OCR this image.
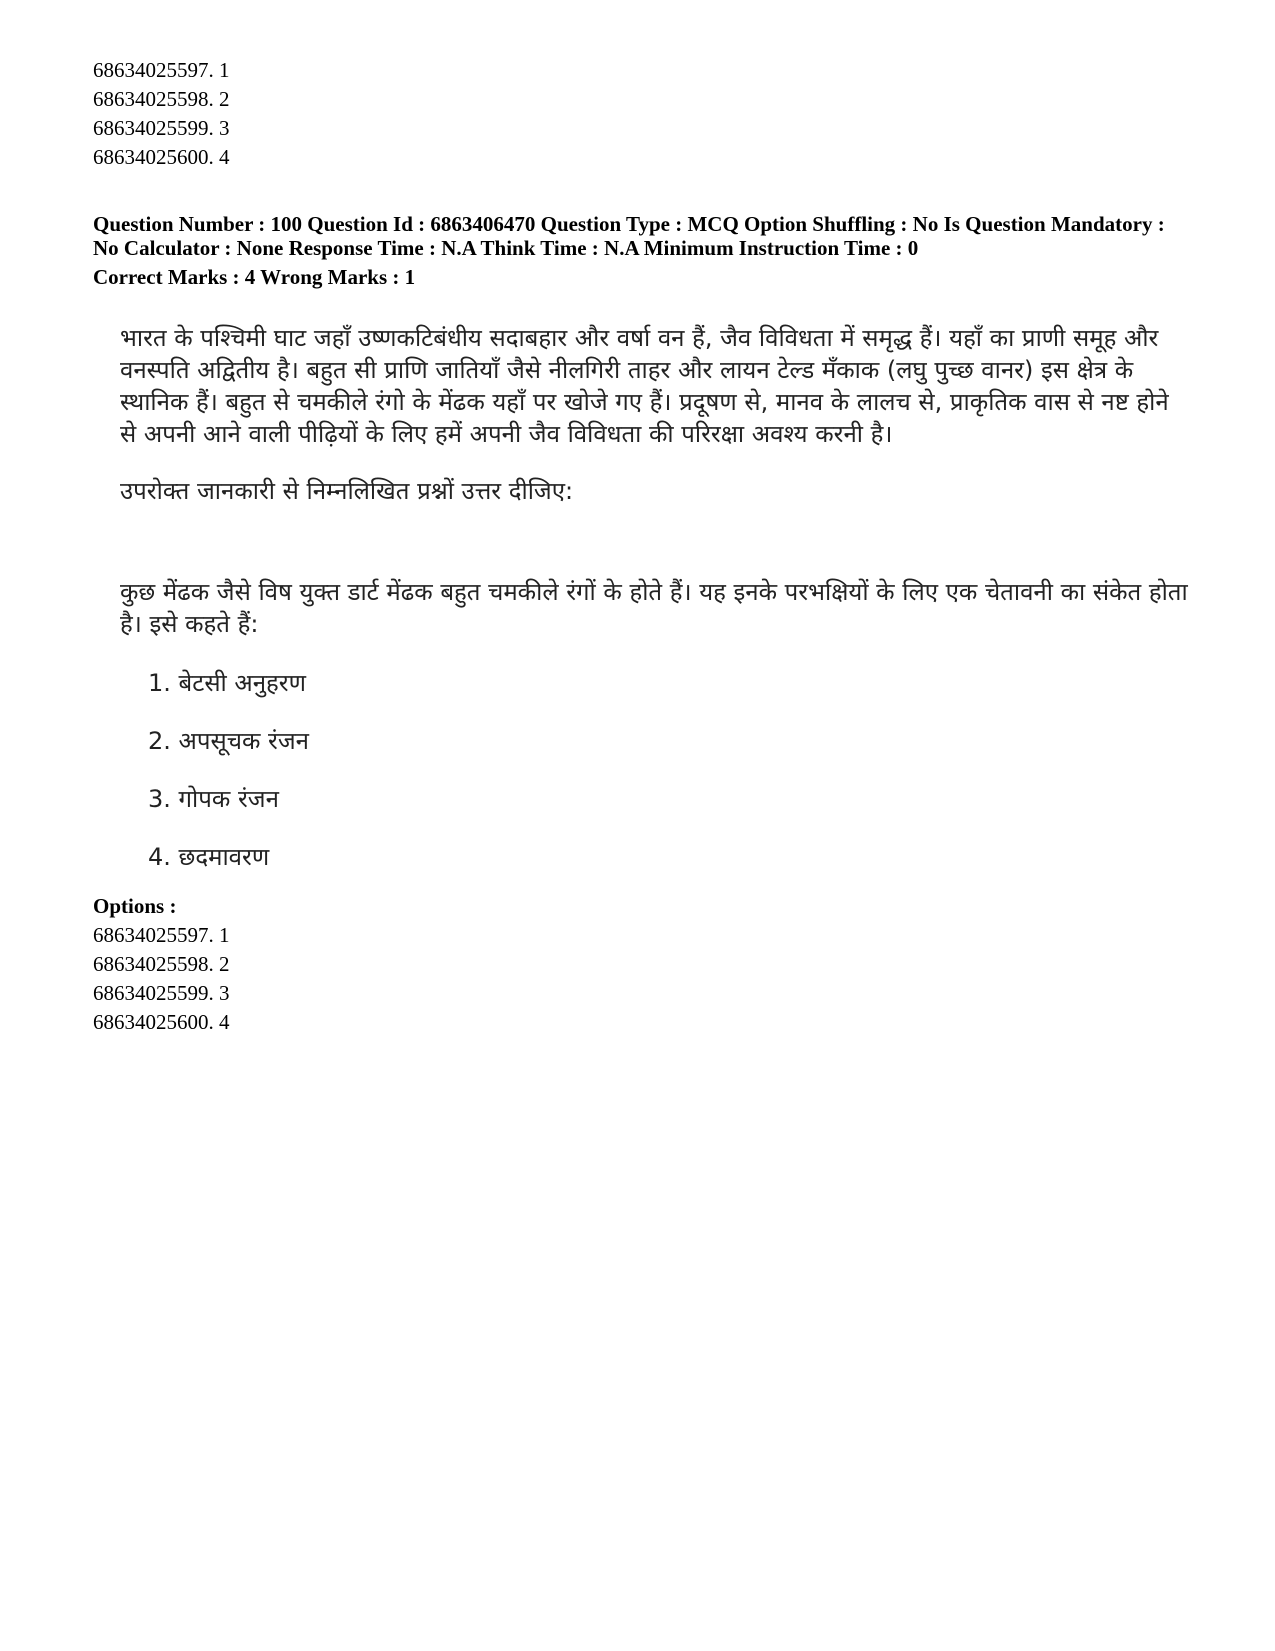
68634025597. 1
68634025598. 2
68634025599. 3
68634025600. 4
Question Number : 100 Question Id : 6863406470 Question Type : MCQ Option Shuffling : No Is Question Mandatory :
No Calculator : None Response Time : N.A Think Time : N.A Minimum Instruction Time : 0
Correct Marks : 4 Wrong Marks : 1
भारत के पश्चिमी घाट जहाँ उष्णकटिबंधीय सदाबहार और वर्षा वन हैं, जैव विविधता में समृद्ध हैं। यहाँ का प्राणी समूह और वनस्पति अद्वितीय है। बहुत सी प्राणि जातियाँ जैसे नीलगिरी ताहर और लायन टेल्ड मँकाक (लघु पुच्छ वानर) इस क्षेत्र के स्थानिक हैं। बहुत से चमकीले रंगो के मेंढक यहाँ पर खोजे गए हैं। प्रदूषण से, मानव के लालच से, प्राकृतिक वास से नष्ट होने से अपनी आने वाली पीढ़ियों के लिए हमें अपनी जैव विविधता की परिरक्षा अवश्य करनी है।
उपरोक्त जानकारी से निम्नलिखित प्रश्नों उत्तर दीजिए:
कुछ मेंढक जैसे विष युक्त डार्ट मेंढक बहुत चमकीले रंगों के होते हैं। यह इनके परभक्षियों के लिए एक चेतावनी का संकेत होता है। इसे कहते हैं:
1. बेटसी अनुहरण
2. अपसूचक रंजन
3. गोपक रंजन
4. छदमावरण
Options :
68634025597. 1
68634025598. 2
68634025599. 3
68634025600. 4
